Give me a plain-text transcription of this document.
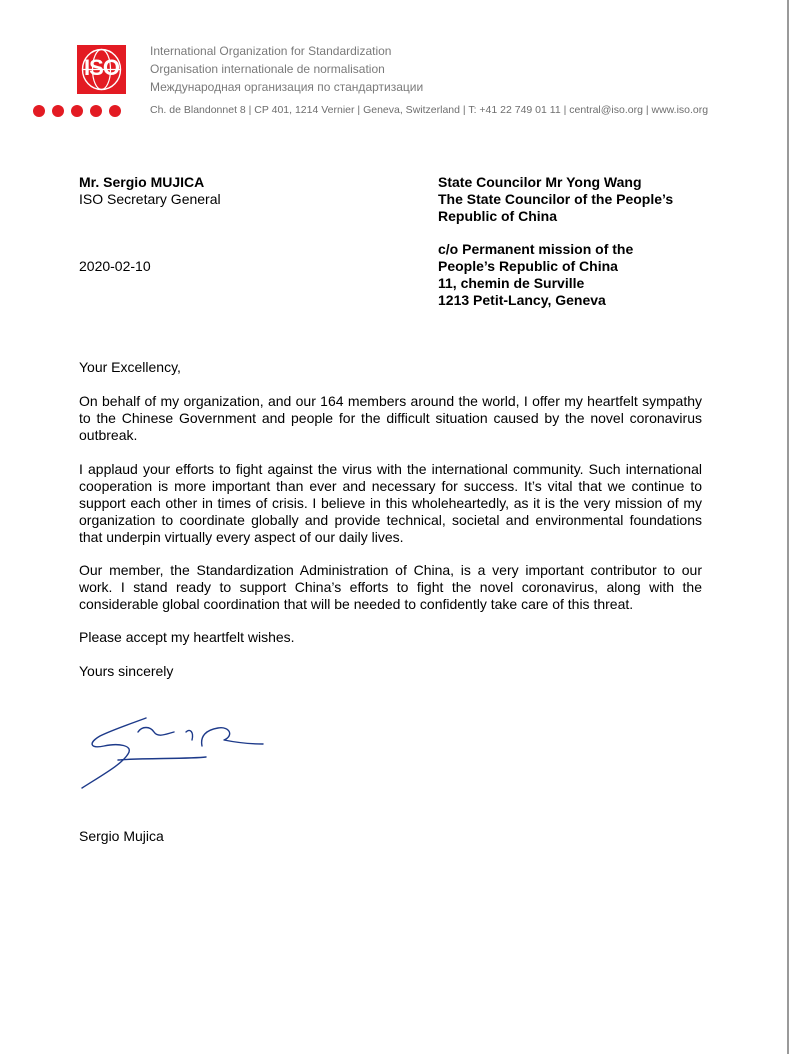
ISO
International Organization for Standardization
Organisation internationale de normalisation
Международная организация по стандартизации
Ch. de Blandonnet 8 | CP 401, 1214 Vernier | Geneva, Switzerland | T: +41 22 749 01 11 | central@iso.org | www.iso.org
Mr. Sergio MUJICA
ISO Secretary General
2020-02-10
State Councilor Mr Yong Wang
The State Councilor of the People’s
Republic of China
c/o Permanent mission of the
People’s Republic of China
11, chemin de Surville
1213 Petit-Lancy, Geneva
Your Excellency,
On behalf of my organization, and our 164 members around the world, I offer my heartfelt sympathy to the Chinese Government and people for the difficult situation caused by the novel coronavirus outbreak.
I applaud your efforts to fight against the virus with the international community. Such international cooperation is more important than ever and necessary for success. It’s vital that we continue to support each other in times of crisis. I believe in this wholeheartedly, as it is the very mission of my organization to coordinate globally and provide technical, societal and environmental foundations that underpin virtually every aspect of our daily lives.
Our member, the Standardization Administration of China, is a very important contributor to our work. I stand ready to support China’s efforts to fight the novel coronavirus, along with the considerable global coordination that will be needed to confidently take care of this threat.
Please accept my heartfelt wishes.
Yours sincerely
Sergio Mujica
